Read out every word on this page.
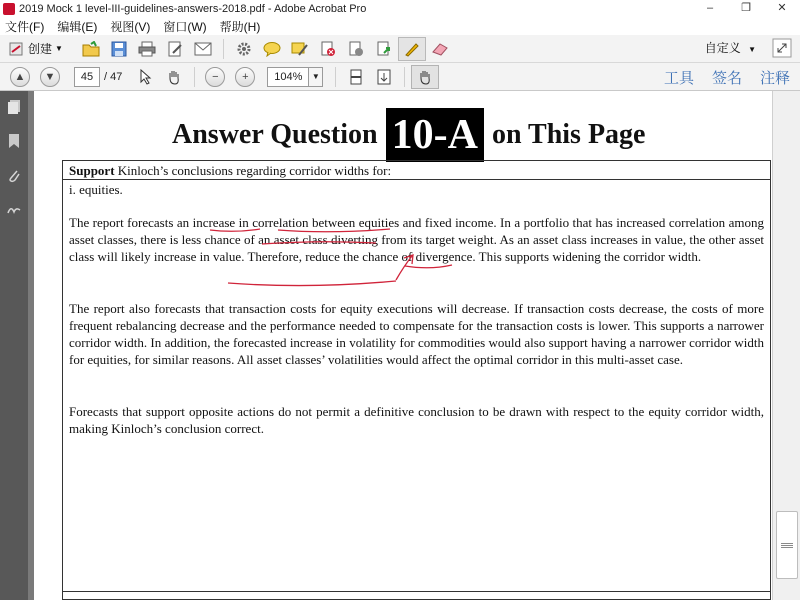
2019 Mock 1 level-III-guidelines-answers-2018.pdf - Adobe Acrobat Pro	–	❐	✕
文件(F) 编辑(E) 视图(V) 窗口(W) 帮助(H)
创建 ▼	自定义 ▼
▲ ▼	45 / 47	− +	104%	▼	工具 签名 注释
Answer Question 10-A on This Page
Support Kinloch’s conclusions regarding corridor widths for:
i. equities.
The report forecasts an increase in correlation between equities and fixed income. In a portfolio that has increased correlation among asset classes, there is less chance of an asset class diverting from its target weight. As an asset class increases in value, the other asset class will likely increase in value. Therefore, reduce the chance of divergence. This supports widening the corridor width.
The report also forecasts that transaction costs for equity executions will decrease. If transaction costs decrease, the costs of more frequent rebalancing decrease and the performance needed to compensate for the transaction costs is lower. This supports a narrower corridor width. In addition, the forecasted increase in volatility for commodities would also support having a narrower corridor width for equities, for similar reasons. All asset classes’ volatilities would affect the optimal corridor in this multi-asset case.
Forecasts that support opposite actions do not permit a definitive conclusion to be drawn with respect to the equity corridor width, making Kinloch’s conclusion correct.
